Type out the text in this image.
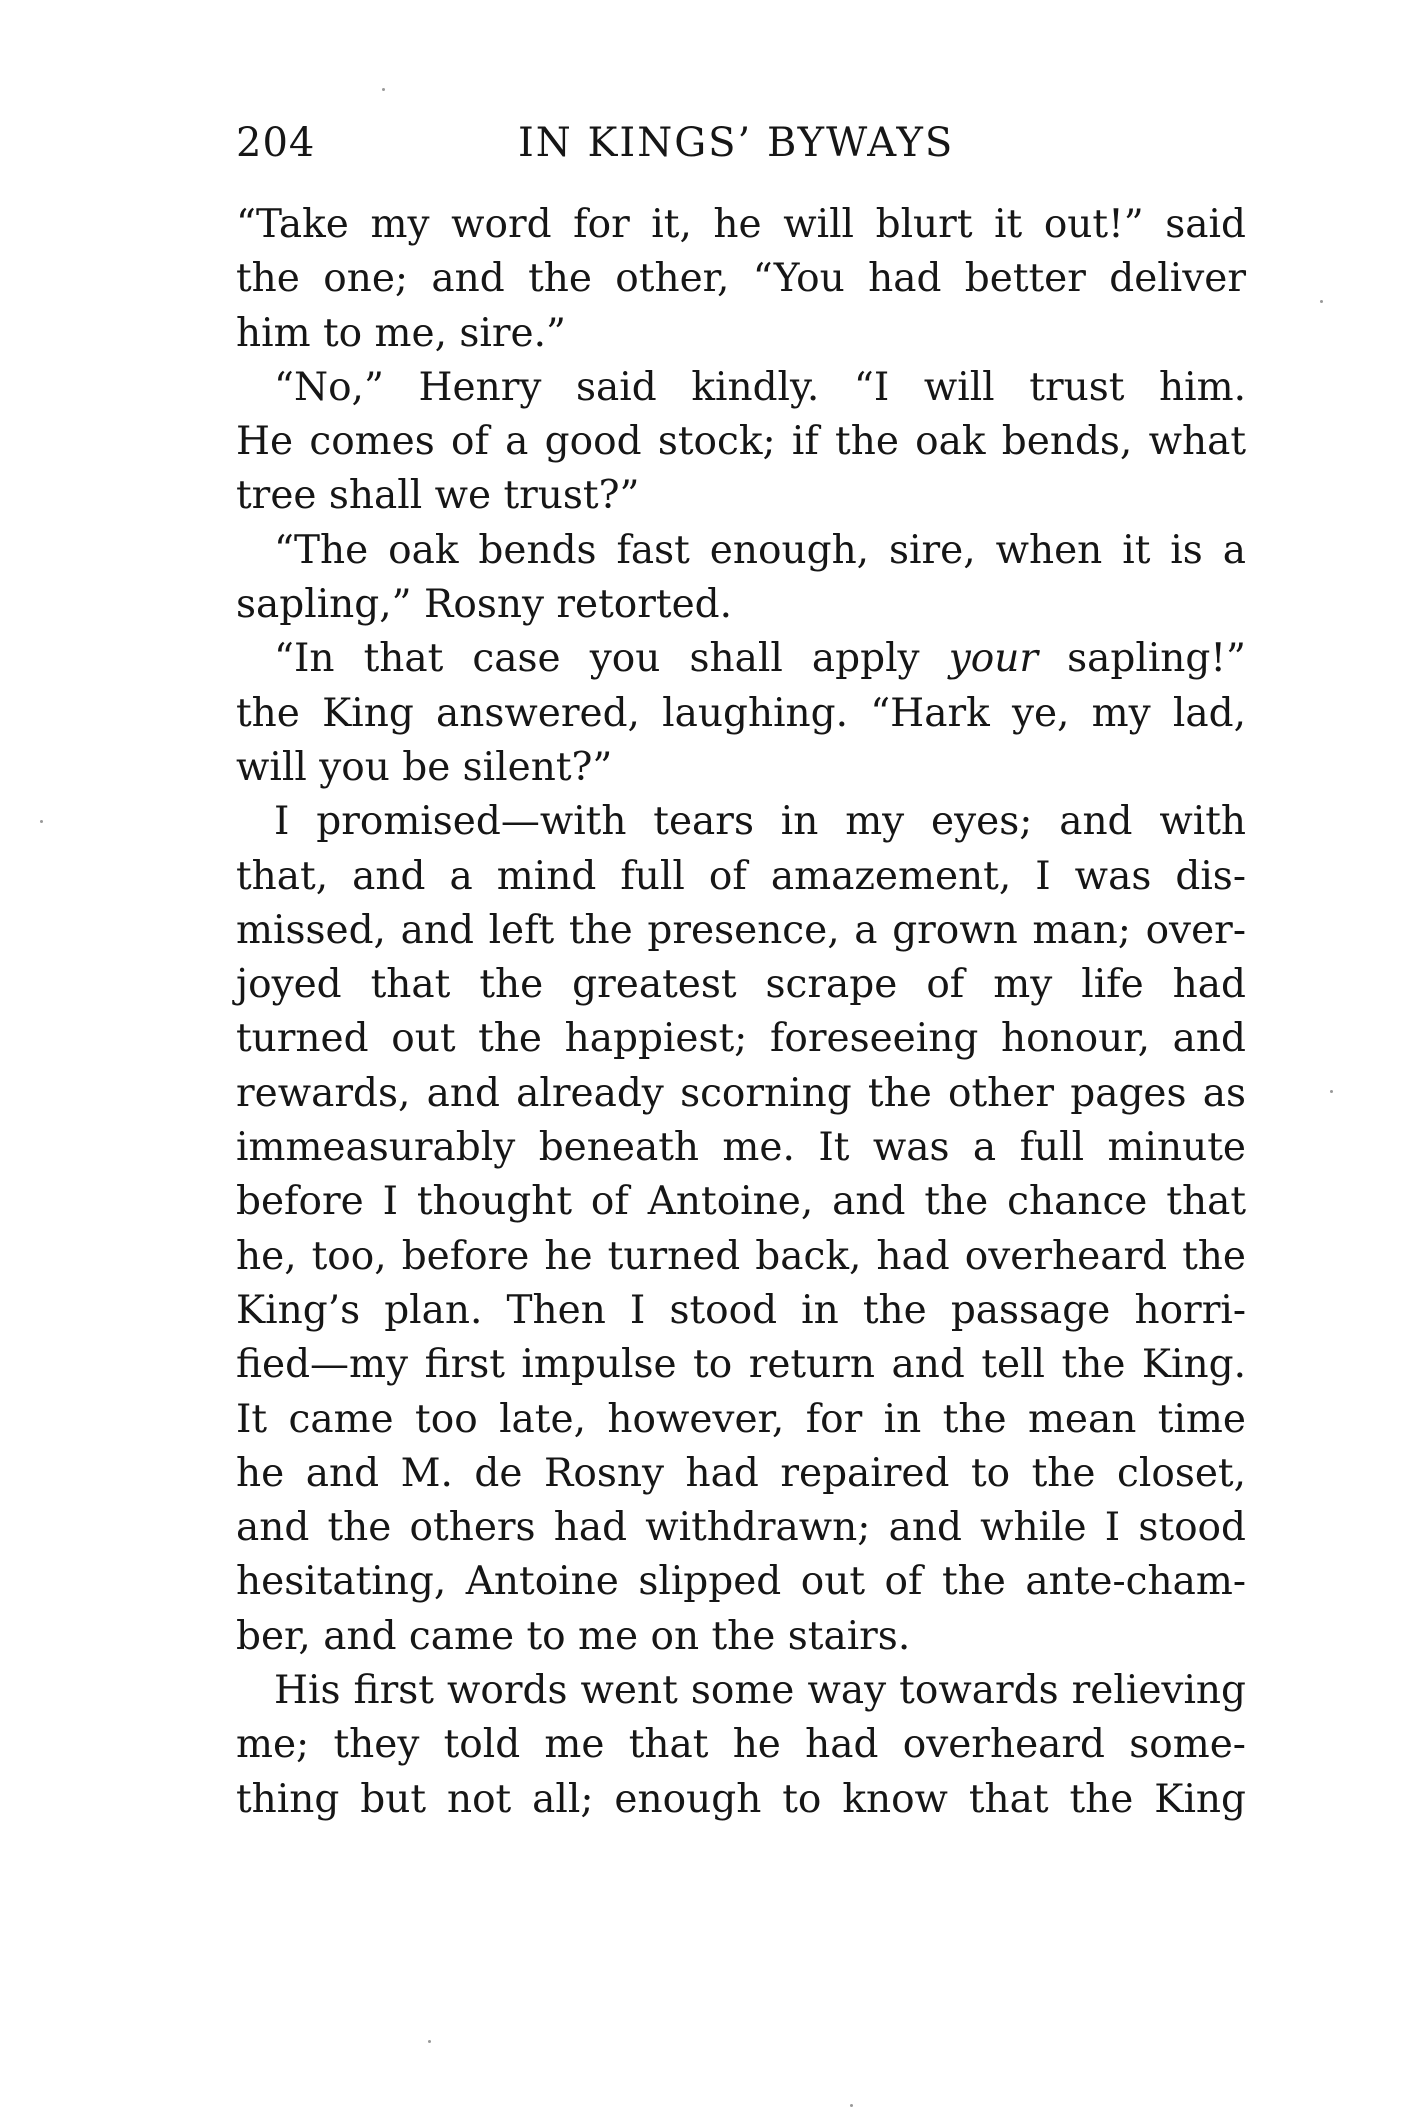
204	IN KINGS’ BYWAYS
“Take my word for it, he will blurt it out!” said
the one; and the other, “You had better deliver
him to me, sire.”
“No,” Henry said kindly. “I will trust him.
He comes of a good stock; if the oak bends, what
tree shall we trust?”
“The oak bends fast enough, sire, when it is a
sapling,” Rosny retorted.
“In that case you shall apply your sapling!”
the King answered, laughing. “Hark ye, my lad,
will you be silent?”
I promised—with tears in my eyes; and with
that, and a mind full of amazement, I was dis-
missed, and left the presence, a grown man; over-
joyed that the greatest scrape of my life had
turned out the happiest; foreseeing honour, and
rewards, and already scorning the other pages as
immeasurably beneath me. It was a full minute
before I thought of Antoine, and the chance that
he, too, before he turned back, had overheard the
King’s plan. Then I stood in the passage horri-
fied—my first impulse to return and tell the King.
It came too late, however, for in the mean time
he and M. de Rosny had repaired to the closet,
and the others had withdrawn; and while I stood
hesitating, Antoine slipped out of the ante-cham-
ber, and came to me on the stairs.
His first words went some way towards relieving
me; they told me that he had overheard some-
thing but not all; enough to know that the King
